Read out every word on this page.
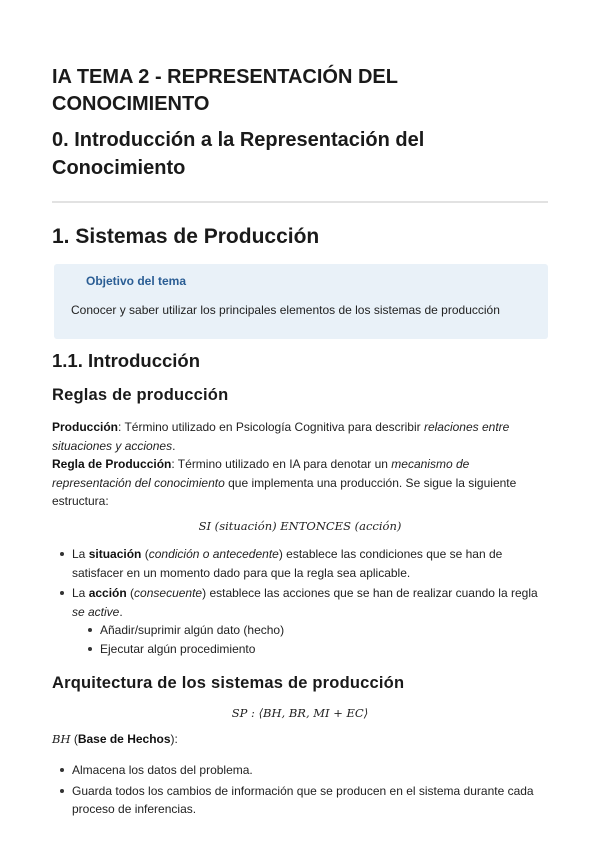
IA TEMA 2 - REPRESENTACIÓN DEL CONOCIMIENTO
0. Introducción a la Representación del Conocimiento
1. Sistemas de Producción
Objetivo del tema
Conocer y saber utilizar los principales elementos de los sistemas de producción
1.1. Introducción
Reglas de producción

Producción: Término utilizado en Psicología Cognitiva para describir relaciones entre situaciones y acciones.
Regla de Producción: Término utilizado en IA para denotar un mecanismo de representación del conocimiento que implementa una producción. Se sigue la siguiente estructura:

SI (situación) ENTONCES (acción)
La situación (condición o antecedente) establece las condiciones que se han de satisfacer en un momento dado para que la regla sea aplicable.
La acción (consecuente) establece las acciones que se han de realizar cuando la regla se active.
Añadir/suprimir algún dato (hecho)
Ejecutar algún procedimiento
Arquitectura de los sistemas de producción
SP : ⟨BH, BR, MI + EC⟩
BH (Base de Hechos):
Almacena los datos del problema.
Guarda todos los cambios de información que se producen en el sistema durante cada proceso de inferencias.
